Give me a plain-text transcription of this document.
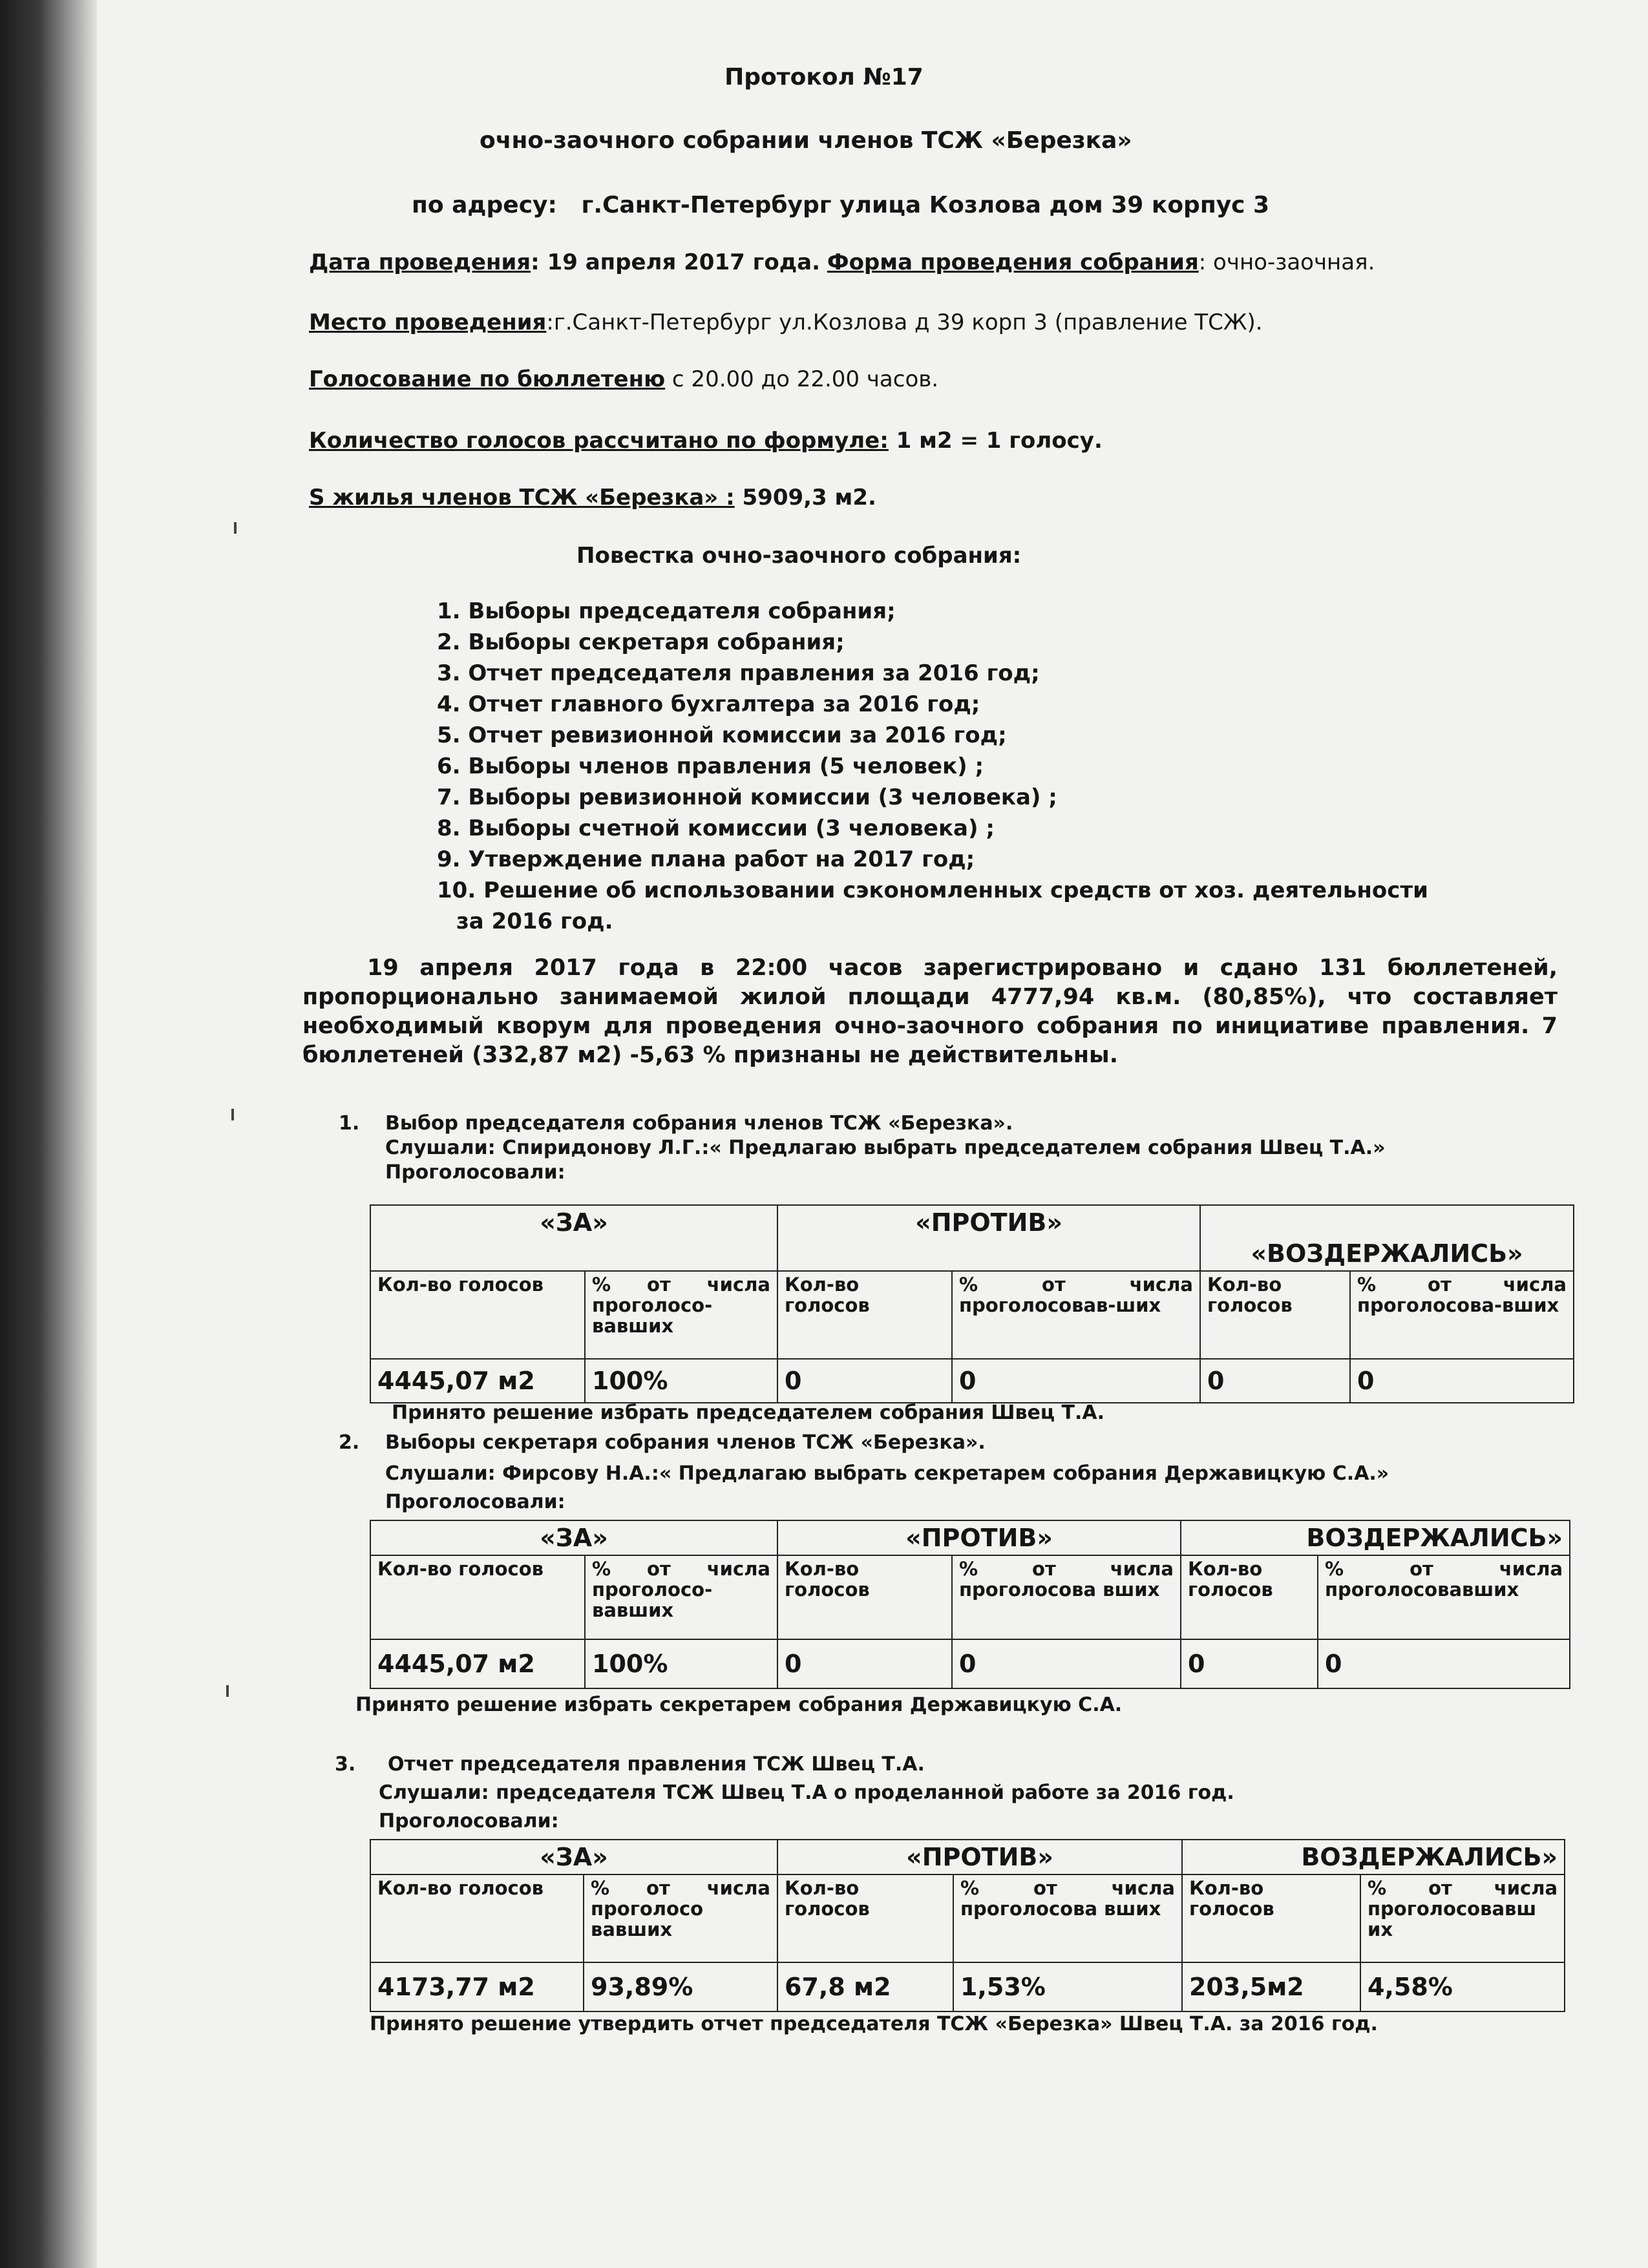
Протокол №17
очно-заочного собрании членов ТСЖ «Березка»
по адресу: г.Санкт-Петербург улица Козлова дом 39 корпус 3
Дата проведения: 19 апреля 2017 года. Форма проведения собрания: очно-заочная.
Место проведения:г.Санкт-Петербург ул.Козлова д 39 корп 3 (правление ТСЖ).
Голосование по бюллетеню с 20.00 до 22.00 часов.
Количество голосов рассчитано по формуле: 1 м2 = 1 голосу.
S жилья членов ТСЖ «Березка» : 5909,3 м2.
Повестка очно-заочного собрания:
1. Выборы председателя собрания;
2. Выборы секретаря собрания;
3. Отчет председателя правления за 2016 год;
4. Отчет главного бухгалтера за 2016 год;
5. Отчет ревизионной комиссии за 2016 год;
6. Выборы членов правления (5 человек) ;
7. Выборы ревизионной комиссии (3 человека) ;
8. Выборы счетной комиссии (3 человека) ;
9. Утверждение плана работ на 2017 год;
10. Решение об использовании сэкономленных средств от хоз. деятельности
за 2016 год.
19 апреля 2017 года в 22:00 часов зарегистрировано и сдано 131 бюллетеней, пропорционально занимаемой жилой площади 4777,94 кв.м. (80,85%), что составляет необходимый кворум для проведения очно-заочного собрания по инициативе правления. 7 бюллетеней (332,87 м2) -5,63 % признаны не действительны.
1. Выбор председателя собрания членов ТСЖ «Березка».
Слушали: Спиридонову Л.Г.:« Предлагаю выбрать председателем собрания Швец Т.А.»
Проголосовали:
«ЗА»		«ПРОТИВ»		«ВОЗДЕРЖАЛИСЬ»	
Кол-во голосов	% от числа проголосо-вавших	Кол-во голосов	% от числа проголосовав-ших	Кол-во голосов	% от числа проголосова-вших
4445,07 м2	100%	0	0	0	0
Принято решение избрать председателем собрания Швец Т.А.
2. Выборы секретаря собрания членов ТСЖ «Березка».
Слушали: Фирсову Н.А.:« Предлагаю выбрать секретарем собрания Державицкую С.А.»
Проголосовали:
«ЗА»		«ПРОТИВ»		ВОЗДЕРЖАЛИСЬ»	
Кол-во голосов	% от числа проголосо-вавших	Кол-во голосов	% от числа проголосова вших	Кол-во голосов	% от числа проголосовавших
4445,07 м2	100%	0	0	0	0
Принято решение избрать секретарем собрания Державицкую С.А.
3. Отчет председателя правления ТСЖ Швец Т.А.
Слушали: председателя ТСЖ Швец Т.А о проделанной работе за 2016 год.
Проголосовали:
«ЗА»		«ПРОТИВ»		ВОЗДЕРЖАЛИСЬ»	
Кол-во голосов	% от числа проголосо вавших	Кол-во голосов	% от числа проголосова вших	Кол-во голосов	% от числа проголосовавш их
4173,77 м2	93,89%	67,8 м2	1,53%	203,5м2	4,58%
Принято решение утвердить отчет председателя ТСЖ «Березка» Швец Т.А. за 2016 год.
